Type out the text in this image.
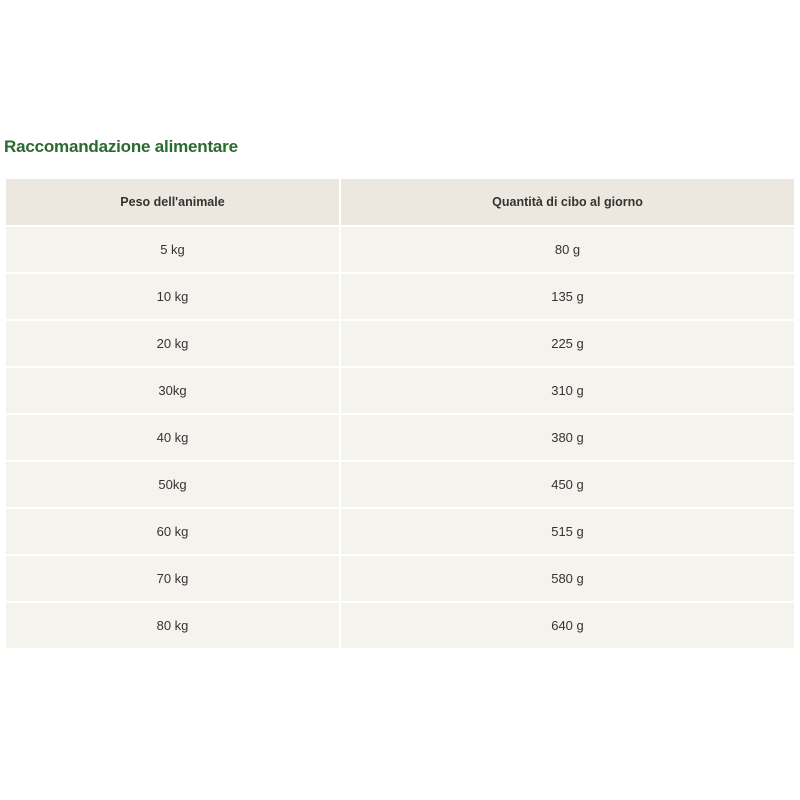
Raccomandazione alimentare
Peso dell'animale	Quantità di cibo al giorno
5 kg	80 g
10 kg	135 g
20 kg	225 g
30kg	310 g
40 kg	380 g
50kg	450 g
60 kg	515 g
70 kg	580 g
80 kg	640 g
